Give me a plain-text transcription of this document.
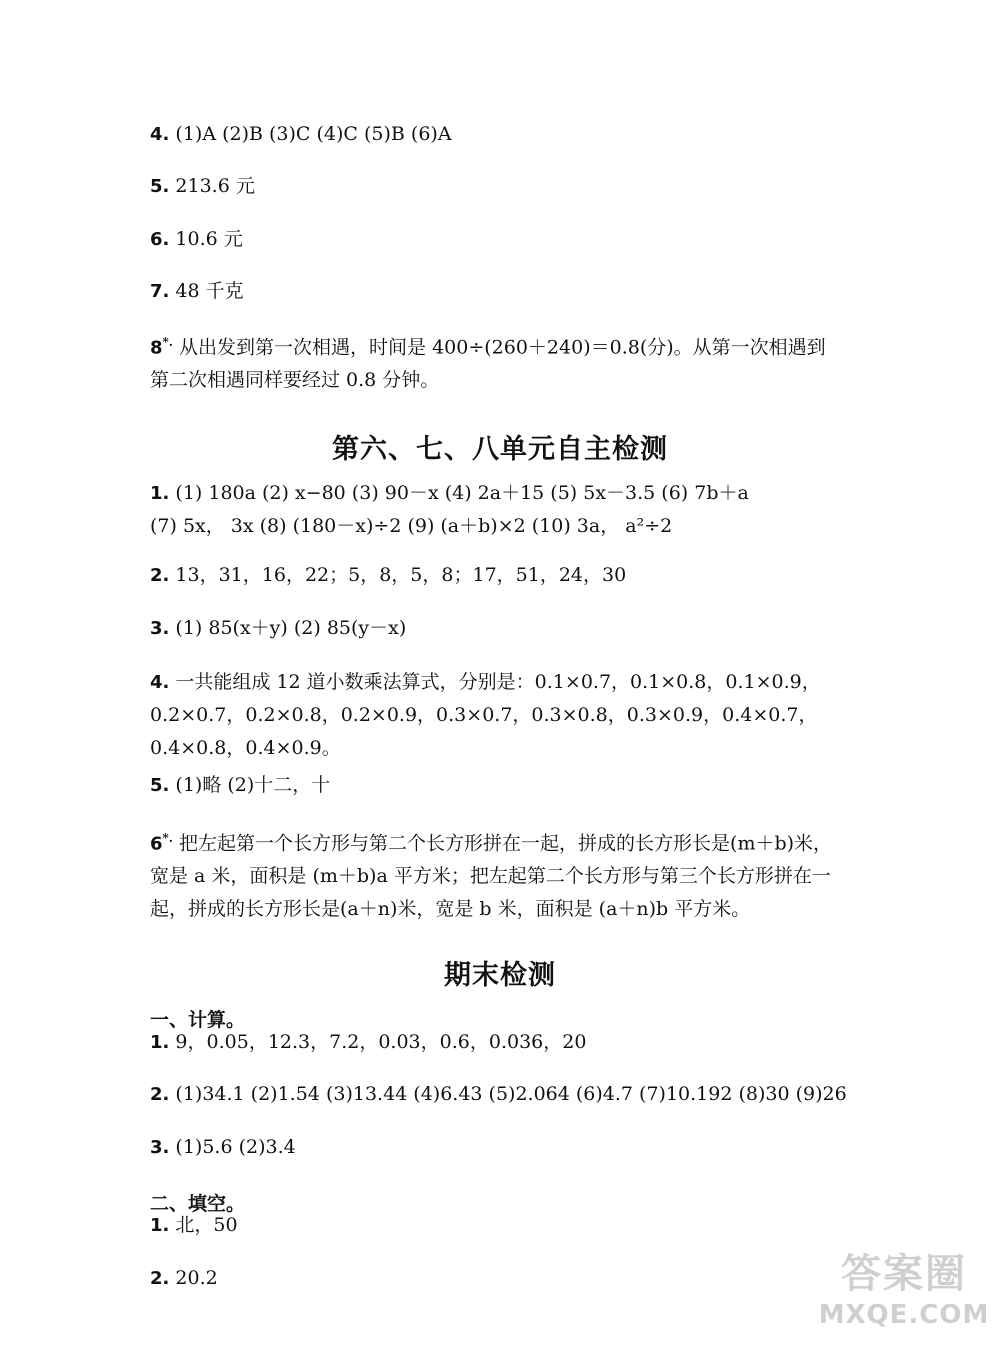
4. (1)A (2)B (3)C (4)C (5)B (6)A
5. 213.6 元
6. 10.6 元
7. 48 千克
8*. 从出发到第一次相遇，时间是 400÷(260＋240)＝0.8(分)。从第一次相遇到
第二次相遇同样要经过 0.8 分钟。
第六、七、八单元自主检测
1. (1) 180a (2) x−80 (3) 90－x (4) 2a＋15 (5) 5x－3.5 (6) 7b＋a
(7) 5x， 3x (8) (180－x)÷2 (9) (a＋b)×2 (10) 3a， a²÷2
2. 13，31，16，22；5，8，5，8；17，51，24，30
3. (1) 85(x＋y) (2) 85(y－x)
4. 一共能组成 12 道小数乘法算式，分别是：0.1×0.7，0.1×0.8，0.1×0.9，
0.2×0.7，0.2×0.8，0.2×0.9，0.3×0.7，0.3×0.8，0.3×0.9，0.4×0.7，
0.4×0.8，0.4×0.9。
5. (1)略 (2)十二，十
6*. 把左起第一个长方形与第二个长方形拼在一起，拼成的长方形长是(m＋b)米，
宽是 a 米，面积是 (m＋b)a 平方米；把左起第二个长方形与第三个长方形拼在一
起，拼成的长方形长是(a＋n)米，宽是 b 米，面积是 (a＋n)b 平方米。
期末检测
一、计算。
1. 9，0.05，12.3，7.2，0.03，0.6，0.036，20
2. (1)34.1 (2)1.54 (3)13.44 (4)6.43 (5)2.064 (6)4.7 (7)10.192 (8)30 (9)26
3. (1)5.6 (2)3.4
二、填空。
1. 北，50
2. 20.2	答案圈
MXQE.COM
